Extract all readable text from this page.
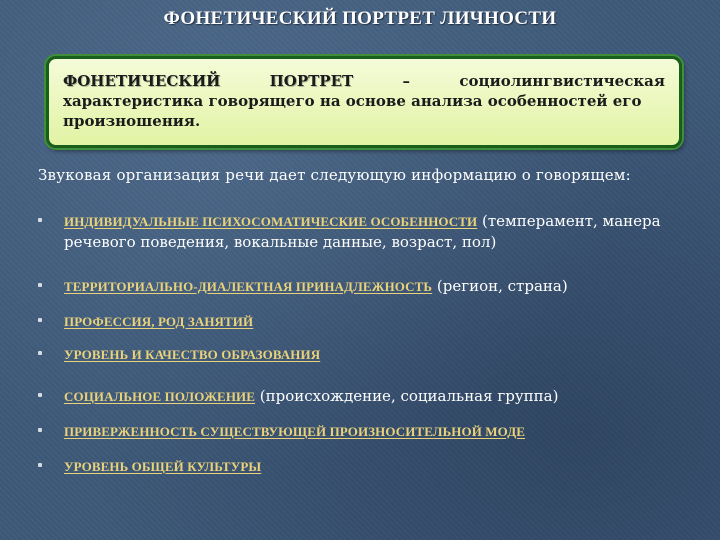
ФОНЕТИЧЕСКИЙ ПОРТРЕТ ЛИЧНОСТИ
ФОНЕТИЧЕСКИЙ	ПОРТРЕТ	–	социолингвистическая
характеристика говорящего на основе анализа особенностей его произношения.
Звуковая организация речи дает следующую информацию о говорящем:
ИНДИВИДУАЛЬНЫЕ ПСИХОСОМАТИЧЕСКИЕ ОСОБЕННОСТИ (темперамент, манера речевого поведения, вокальные данные, возраст, пол)
ТЕРРИТОРИАЛЬНО-ДИАЛЕКТНАЯ ПРИНАДЛЕЖНОСТЬ (регион, страна)
ПРОФЕССИЯ, РОД ЗАНЯТИЙ
УРОВЕНЬ И КАЧЕСТВО ОБРАЗОВАНИЯ
СОЦИАЛЬНОЕ ПОЛОЖЕНИЕ (происхождение, социальная группа)
ПРИВЕРЖЕННОСТЬ СУЩЕСТВУЮЩЕЙ ПРОИЗНОСИТЕЛЬНОЙ МОДЕ
УРОВЕНЬ ОБЩЕЙ КУЛЬТУРЫ
